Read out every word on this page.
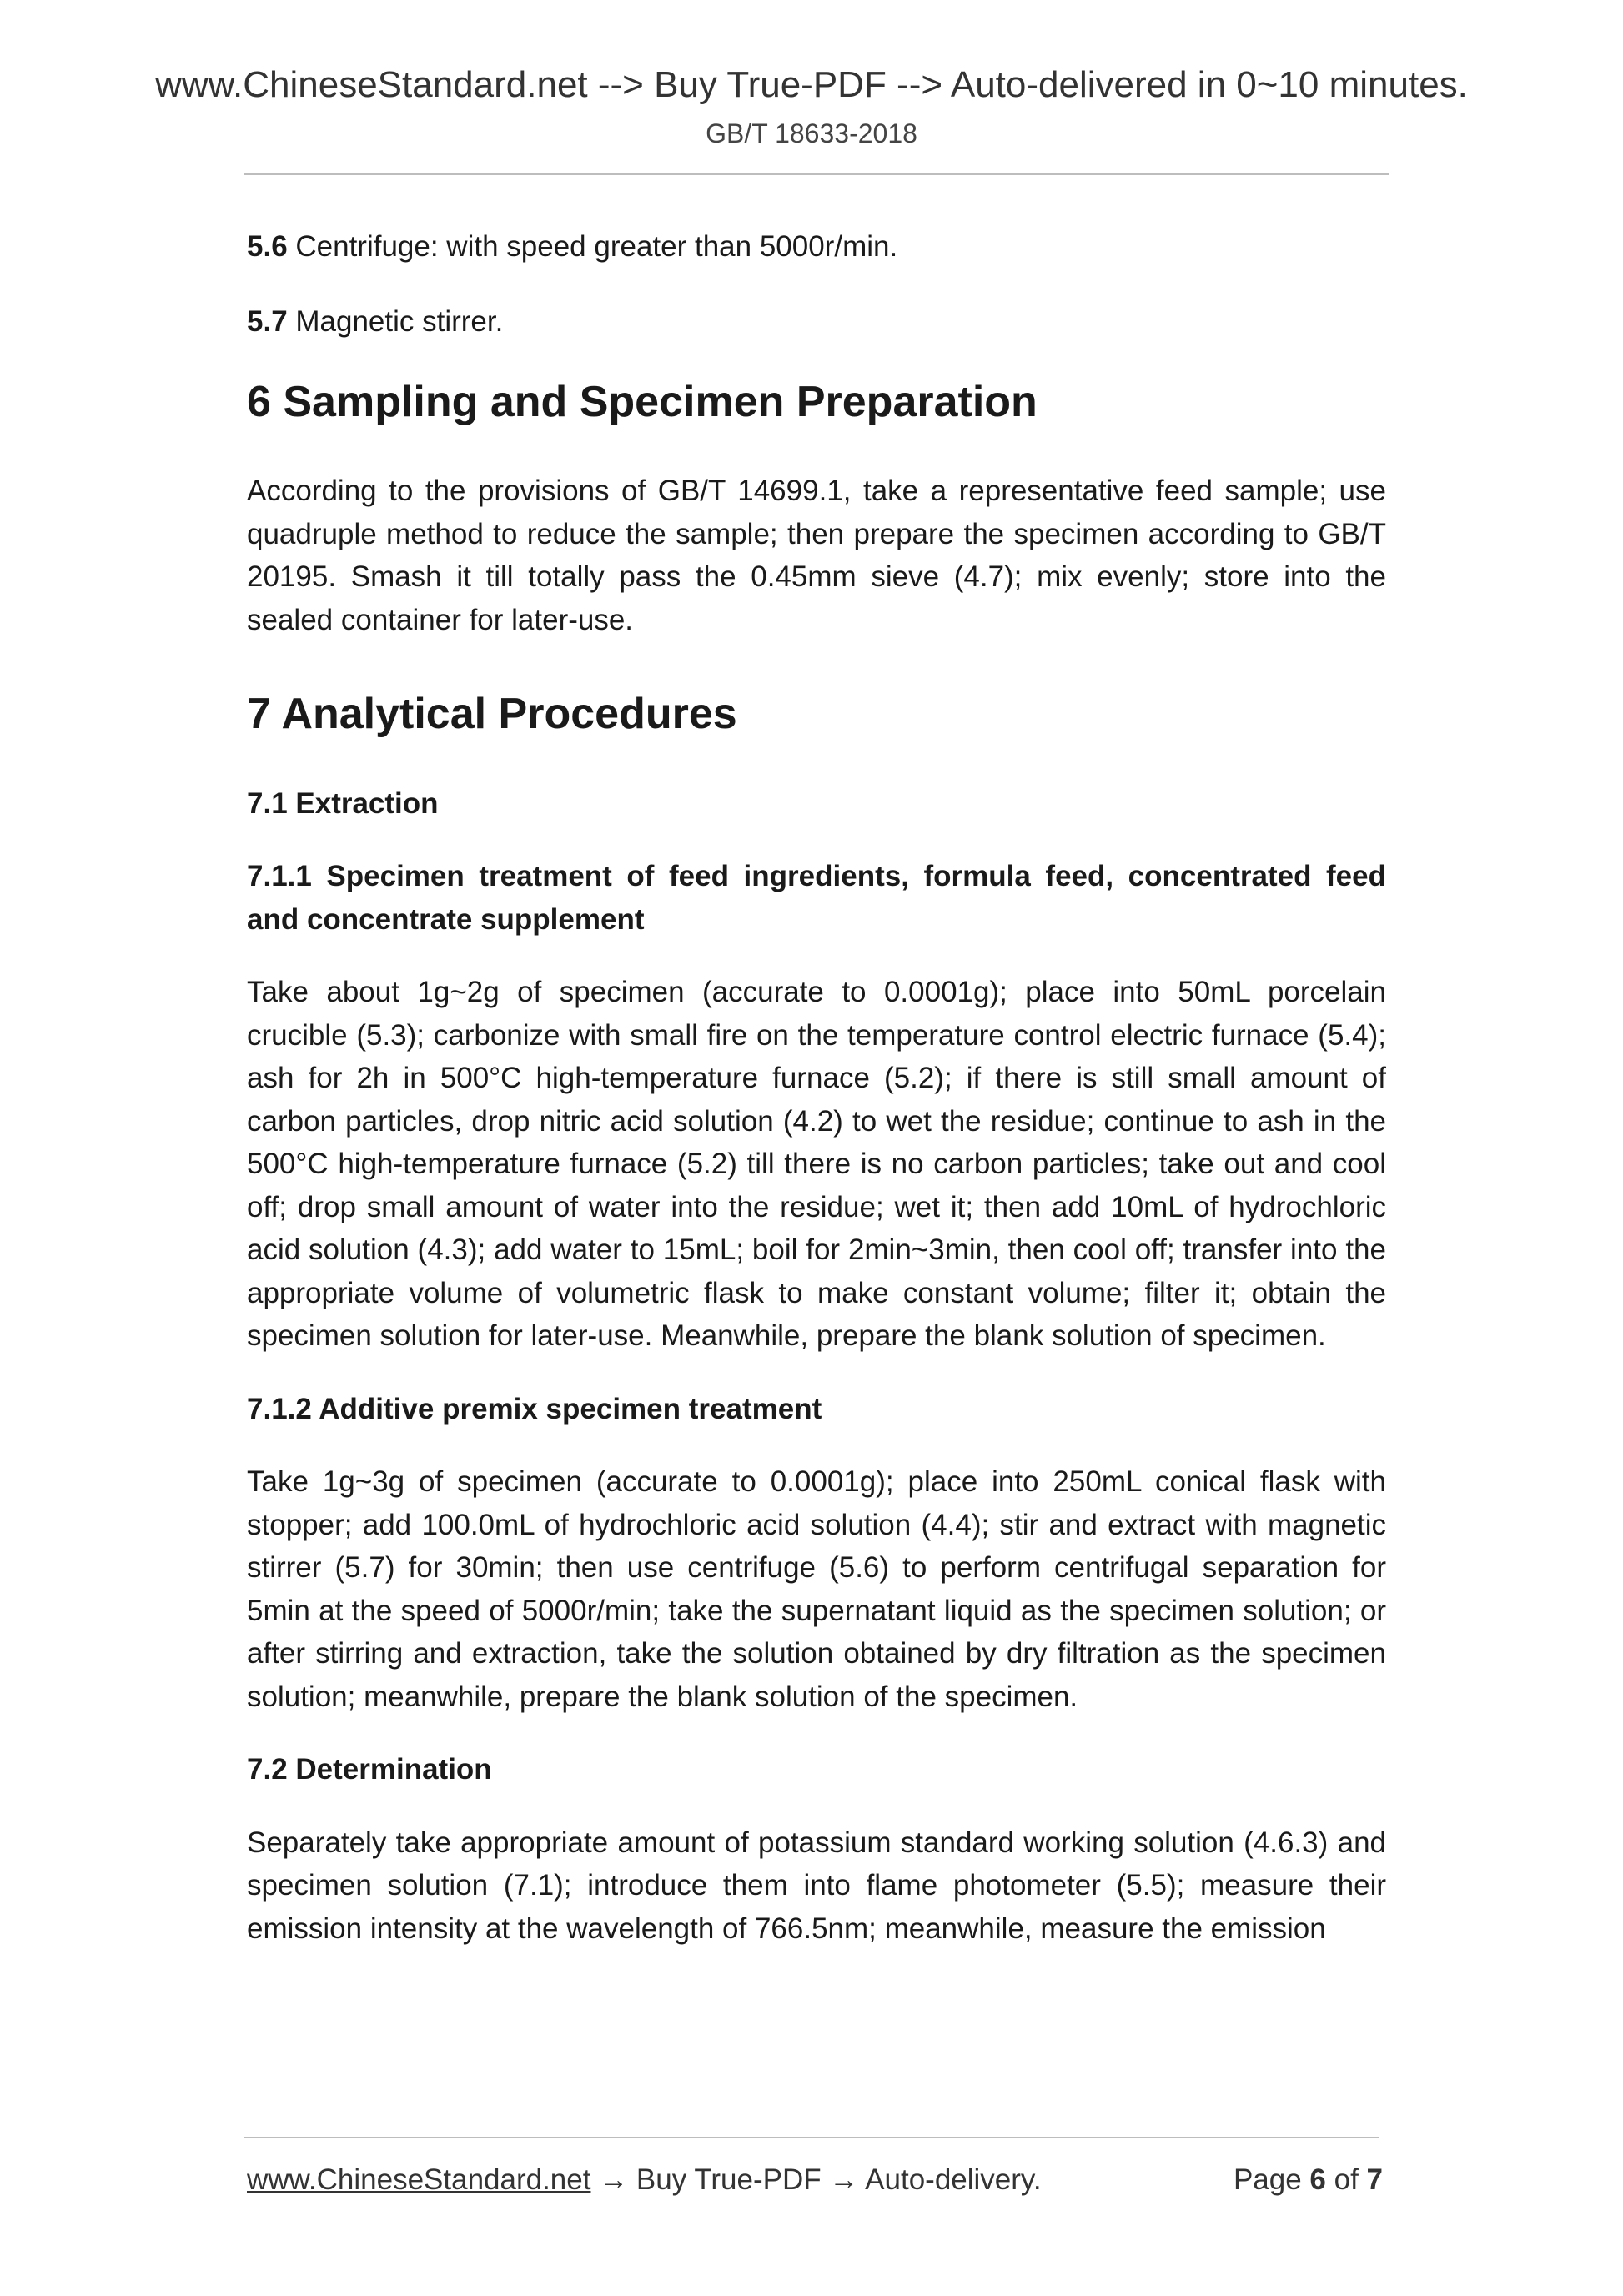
www.ChineseStandard.net --> Buy True-PDF --> Auto-delivered in 0~10 minutes.
GB/T 18633-2018

5.6 Centrifuge: with speed greater than 5000r/min.

5.7 Magnetic stirrer.

6 Sampling and Specimen Preparation

According to the provisions of GB/T 14699.1, take a representative feed sample; use quadruple method to reduce the sample; then prepare the specimen according to GB/T 20195. Smash it till totally pass the 0.45mm sieve (4.7); mix evenly; store into the sealed container for later-use.

7 Analytical Procedures
7.1 Extraction
7.1.1 Specimen treatment of feed ingredients, formula feed, concentrated feed and concentrate supplement

Take about 1g~2g of specimen (accurate to 0.0001g); place into 50mL porcelain crucible (5.3); carbonize with small fire on the temperature control electric furnace (5.4); ash for 2h in 500°C high-temperature furnace (5.2); if there is still small amount of carbon particles, drop nitric acid solution (4.2) to wet the residue; continue to ash in the 500°C high-temperature furnace (5.2) till there is no carbon particles; take out and cool off; drop small amount of water into the residue; wet it; then add 10mL of hydrochloric acid solution (4.3); add water to 15mL; boil for 2min~3min, then cool off; transfer into the appropriate volume of volumetric flask to make constant volume; filter it; obtain the specimen solution for later-use. Meanwhile, prepare the blank solution of specimen.

7.1.2 Additive premix specimen treatment

Take 1g~3g of specimen (accurate to 0.0001g); place into 250mL conical flask with stopper; add 100.0mL of hydrochloric acid solution (4.4); stir and extract with magnetic stirrer (5.7) for 30min; then use centrifuge (5.6) to perform centrifugal separation for 5min at the speed of 5000r/min; take the supernatant liquid as the specimen solution; or after stirring and extraction, take the solution obtained by dry filtration as the specimen solution; meanwhile, prepare the blank solution of the specimen.

7.2 Determination

Separately take appropriate amount of potassium standard working solution (4.6.3) and specimen solution (7.1); introduce them into flame photometer (5.5); measure their emission intensity at the wavelength of 766.5nm; meanwhile, measure the emission

www.ChineseStandard.net → Buy True-PDF → Auto-delivery.	Page 6 of 7
